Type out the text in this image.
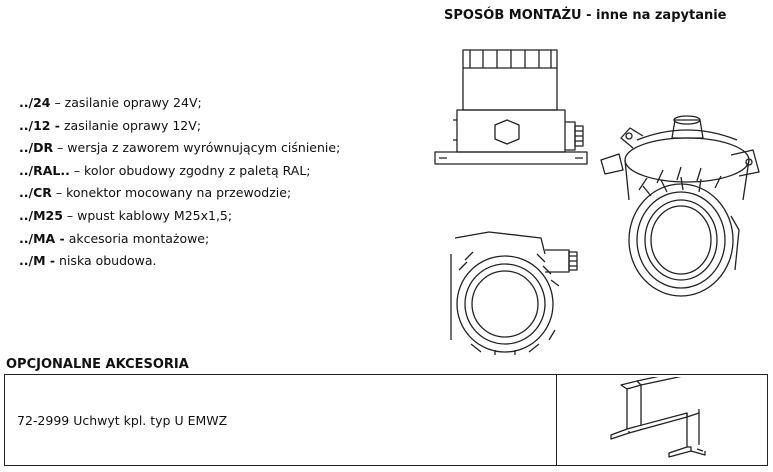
SPOSÓB MONTAŻU - inne na zapytanie
../24 – zasilanie oprawy 24V;
../12 - zasilanie oprawy 12V;
../DR – wersja z zaworem wyrównującym ciśnienie;
../RAL.. – kolor obudowy zgodny z paletą RAL;
../CR – konektor mocowany na przewodzie;
../M25 – wpust kablowy M25x1,5;
../MA - akcesoria montażowe;
../M - niska obudowa.
OPCJONALNE AKCESORIA
72-2999 Uchwyt kpl. typ U EMWZ
